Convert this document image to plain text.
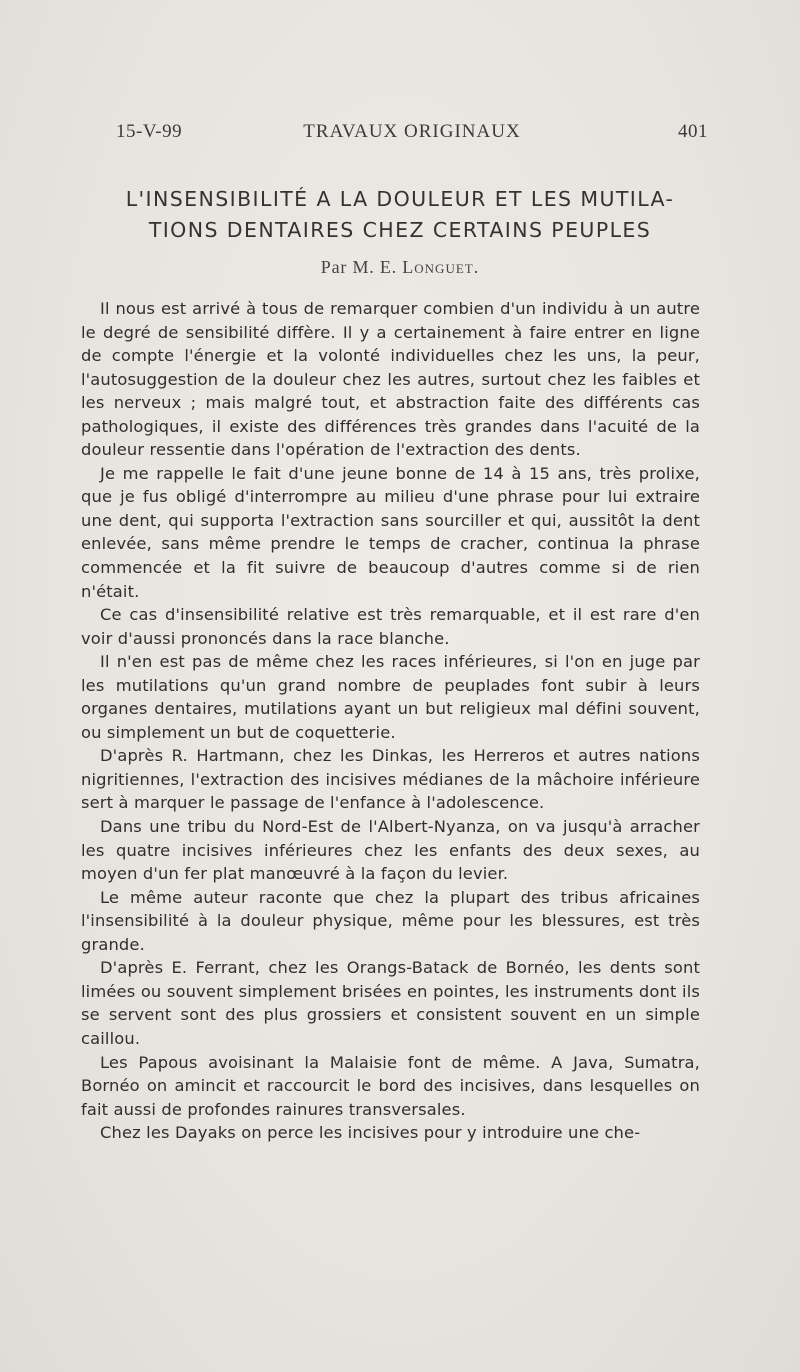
15-V-99	TRAVAUX ORIGINAUX	401
L'INSENSIBILITÉ A LA DOULEUR ET LES MUTILA-
TIONS DENTAIRES CHEZ CERTAINS PEUPLES
Par M. E. Longuet.

Il nous est arrivé à tous de remarquer combien d'un individu à un autre le degré de sensibilité diffère. Il y a certainement à faire entrer en ligne de compte l'énergie et la volonté individuelles chez les uns, la peur, l'autosuggestion de la douleur chez les autres, surtout chez les faibles et les nerveux ; mais malgré tout, et abstraction faite des différents cas pathologiques, il existe des différences très grandes dans l'acuité de la douleur ressentie dans l'opération de l'extraction des dents.

Je me rappelle le fait d'une jeune bonne de 14 à 15 ans, très prolixe, que je fus obligé d'interrompre au milieu d'une phrase pour lui extraire une dent, qui supporta l'extraction sans sourciller et qui, aussitôt la dent enlevée, sans même prendre le temps de cracher, continua la phrase commencée et la fit suivre de beaucoup d'autres comme si de rien n'était.

Ce cas d'insensibilité relative est très remarquable, et il est rare d'en voir d'aussi prononcés dans la race blanche.

Il n'en est pas de même chez les races inférieures, si l'on en juge par les mutilations qu'un grand nombre de peuplades font subir à leurs organes dentaires, mutilations ayant un but religieux mal défini souvent, ou simplement un but de coquetterie.

D'après R. Hartmann, chez les Dinkas, les Herreros et autres nations nigritiennes, l'extraction des incisives médianes de la mâchoire inférieure sert à marquer le passage de l'enfance à l'adolescence.

Dans une tribu du Nord-Est de l'Albert-Nyanza, on va jusqu'à arracher les quatre incisives inférieures chez les enfants des deux sexes, au moyen d'un fer plat manœuvré à la façon du levier.

Le même auteur raconte que chez la plupart des tribus africaines l'insensibilité à la douleur physique, même pour les blessures, est très grande.

D'après E. Ferrant, chez les Orangs-Batack de Bornéo, les dents sont limées ou souvent simplement brisées en pointes, les instruments dont ils se servent sont des plus grossiers et consistent souvent en un simple caillou.

Les Papous avoisinant la Malaisie font de même. A Java, Sumatra, Bornéo on amincit et raccourcit le bord des incisives, dans lesquelles on fait aussi de profondes rainures transversales.

Chez les Dayaks on perce les incisives pour y introduire une che-
